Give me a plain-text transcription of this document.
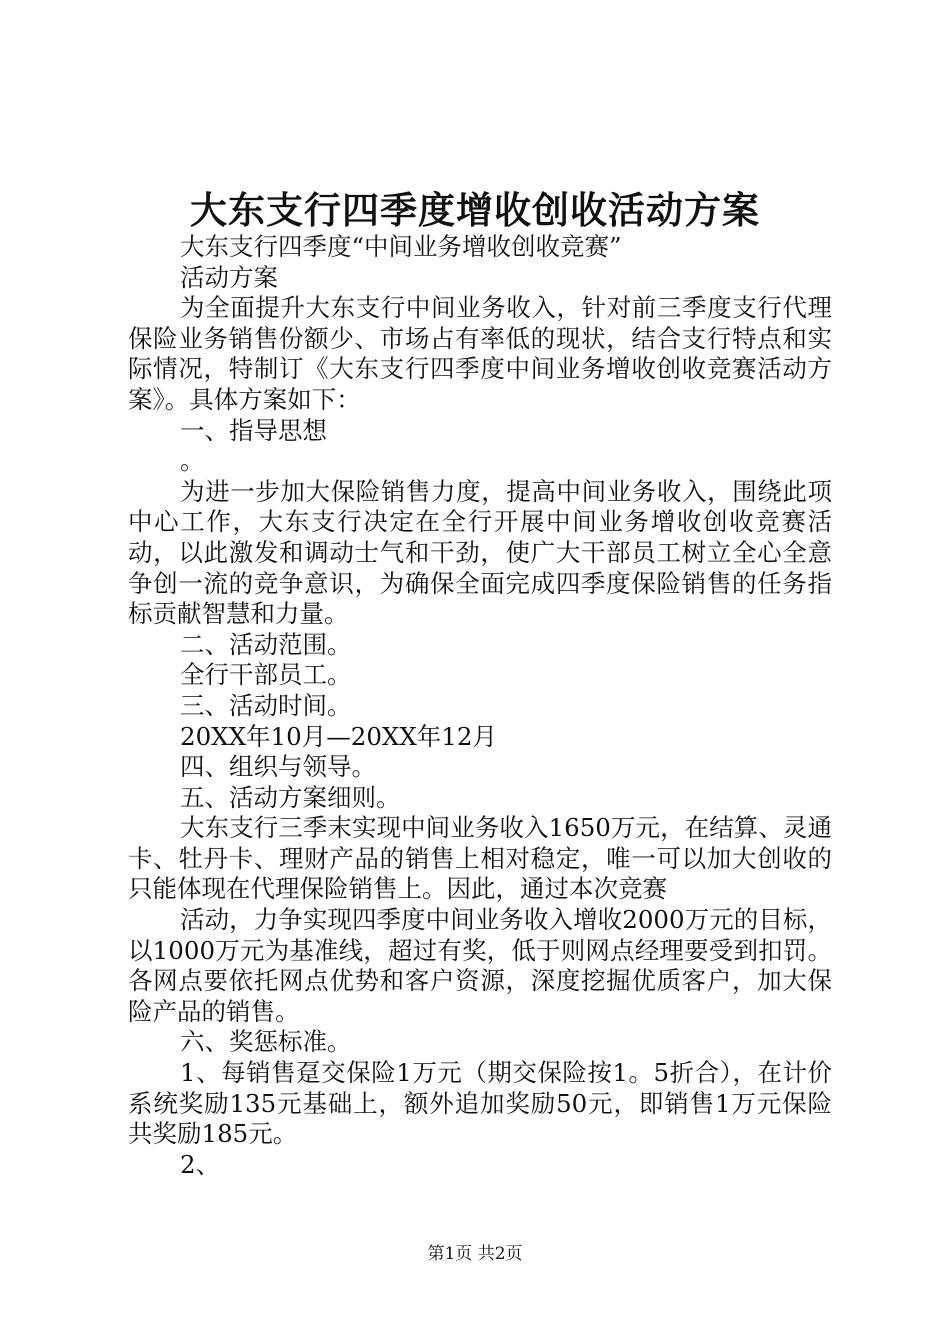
大东支行四季度增收创收活动方案

大东支行四季度“中间业务增收创收竞赛”

活动方案

为全面提升大东支行中间业务收入，针对前三季度支行代理保险业务销售份额少、市场占有率低的现状，结合支行特点和实际情况，特制订《大东支行四季度中间业务增收创收竞赛活动方案》。具体方案如下：

一、指导思想

。

为进一步加大保险销售力度，提高中间业务收入，围绕此项中心工作，大东支行决定在全行开展中间业务增收创收竞赛活动，以此激发和调动士气和干劲，使广大干部员工树立全心全意争创一流的竞争意识，为确保全面完成四季度保险销售的任务指标贡献智慧和力量。

二、活动范围。

全行干部员工。

三、活动时间。

20XX年10月—20XX年12月

四、组织与领导。

五、活动方案细则。

大东支行三季末实现中间业务收入1650万元，在结算、灵通卡、牡丹卡、理财产品的销售上相对稳定，唯一可以加大创收的只能体现在代理保险销售上。因此，通过本次竞赛

活动，力争实现四季度中间业务收入增收2000万元的目标，以1000万元为基准线，超过有奖，低于则网点经理要受到扣罚。各网点要依托网点优势和客户资源，深度挖掘优质客户，加大保险产品的销售。

六、奖惩标准。

1、每销售趸交保险1万元（期交保险按1。5折合），在计价系统奖励135元基础上，额外追加奖励50元，即销售1万元保险共奖励185元。

2、

第1页 共2页
